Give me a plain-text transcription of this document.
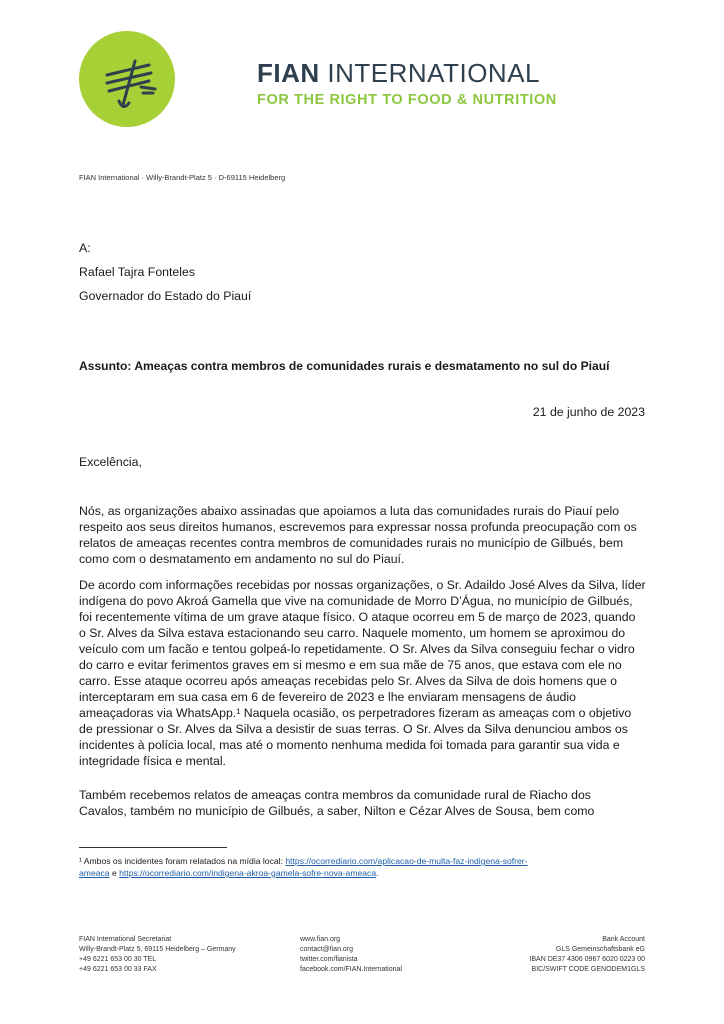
FIAN INTERNATIONAL
FOR THE RIGHT TO FOOD & NUTRITION
FIAN International · Willy-Brandt-Platz 5 · D-69115 Heidelberg
A:
Rafael Tajra Fonteles
Governador do Estado do Piauí
Assunto: Ameaças contra membros de comunidades rurais e desmatamento no sul do Piauí
21 de junho de 2023
Excelência,
Nós, as organizações abaixo assinadas que apoiamos a luta das comunidades rurais do Piauí pelo
respeito aos seus direitos humanos, escrevemos para expressar nossa profunda preocupação com os
relatos de ameaças recentes contra membros de comunidades rurais no município de Gilbués, bem
como com o desmatamento em andamento no sul do Piauí.
De acordo com informações recebidas por nossas organizações, o Sr. Adaildo José Alves da Silva, líder
indígena do povo Akroá Gamella que vive na comunidade de Morro D’Água, no município de Gilbués,
foi recentemente vítima de um grave ataque físico. O ataque ocorreu em 5 de março de 2023, quando
o Sr. Alves da Silva estava estacionando seu carro. Naquele momento, um homem se aproximou do
veículo com um facão e tentou golpeá-lo repetidamente. O Sr. Alves da Silva conseguiu fechar o vidro
do carro e evitar ferimentos graves em si mesmo e em sua mãe de 75 anos, que estava com ele no
carro. Esse ataque ocorreu após ameaças recebidas pelo Sr. Alves da Silva de dois homens que o
interceptaram em sua casa em 6 de fevereiro de 2023 e lhe enviaram mensagens de áudio
ameaçadoras via WhatsApp.¹ Naquela ocasião, os perpetradores fizeram as ameaças com o objetivo
de pressionar o Sr. Alves da Silva a desistir de suas terras. O Sr. Alves da Silva denunciou ambos os
incidentes à polícia local, mas até o momento nenhuma medida foi tomada para garantir sua vida e
integridade física e mental.
Também recebemos relatos de ameaças contra membros da comunidade rural de Riacho dos
Cavalos, também no município de Gilbués, a saber, Nilton e Cézar Alves de Sousa, bem como
¹ Ambos os incidentes foram relatados na mídia local: https://ocorrediario.com/aplicacao-de-multa-faz-indigena-sofrer-
ameaca e https://ocorrediario.com/indigena-akroa-gamela-sofre-nova-ameaca.
FIAN International Secretariat
Willy-Brandt-Platz 5, 69115 Heidelberg – Germany
+49 6221 653 00 30 TEL
+49 6221 653 00 33 FAX
www.fian.org
contact@fian.org
twitter.com/fianista
facebook.com/FIAN.International
Bank Account
GLS Gemeinschaftsbank eG
IBAN DE37 4306 0967 6020 0223 00
BIC/SWIFT CODE GENODEM1GLS
